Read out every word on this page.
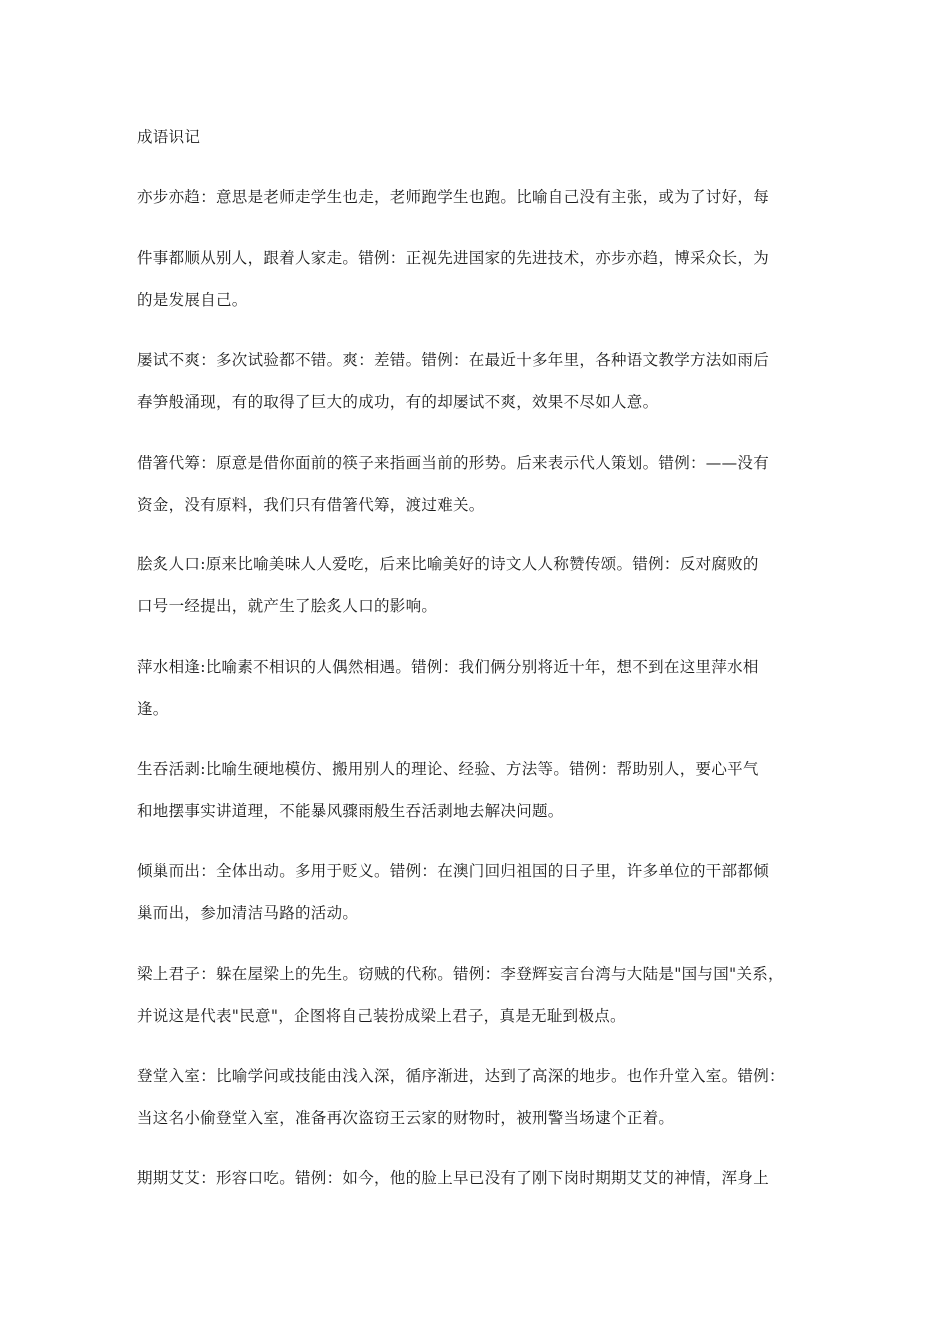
成语识记
亦步亦趋：意思是老师走学生也走，老师跑学生也跑。比喻自己没有主张，或为了讨好，每
件事都顺从别人，跟着人家走。错例：正视先进国家的先进技术，亦步亦趋，博采众长，为
的是发展自己。
屡试不爽：多次试验都不错。爽：差错。错例：在最近十多年里，各种语文教学方法如雨后
春笋般涌现，有的取得了巨大的成功，有的却屡试不爽，效果不尽如人意。
借箸代筹：原意是借你面前的筷子来指画当前的形势。后来表示代人策划。错例：——没有
资金，没有原料，我们只有借箸代筹，渡过难关。
脍炙人口:原来比喻美味人人爱吃，后来比喻美好的诗文人人称赞传颂。错例：反对腐败的
口号一经提出，就产生了脍炙人口的影响。
萍水相逢:比喻素不相识的人偶然相遇。错例：我们俩分别将近十年，想不到在这里萍水相
逢。
生吞活剥:比喻生硬地模仿、搬用别人的理论、经验、方法等。错例：帮助别人，要心平气
和地摆事实讲道理，不能暴风骤雨般生吞活剥地去解决问题。
倾巢而出：全体出动。多用于贬义。错例：在澳门回归祖国的日子里，许多单位的干部都倾
巢而出，参加清洁马路的活动。
梁上君子：躲在屋梁上的先生。窃贼的代称。错例：李登辉妄言台湾与大陆是"国与国"关系，
并说这是代表"民意"，企图将自己装扮成梁上君子，真是无耻到极点。
登堂入室：比喻学问或技能由浅入深，循序渐进，达到了高深的地步。也作升堂入室。错例：
当这名小偷登堂入室，准备再次盗窃王云家的财物时，被刑警当场逮个正着。
期期艾艾：形容口吃。错例：如今，他的脸上早已没有了刚下岗时期期艾艾的神情，浑身上
